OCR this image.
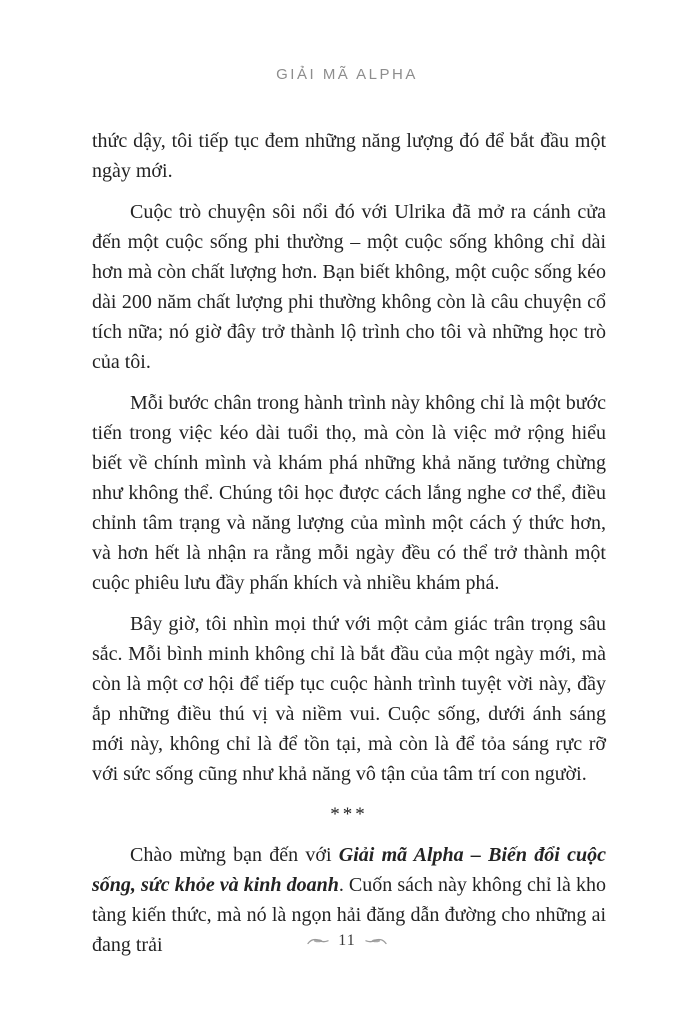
GIẢI MÃ ALPHA

thức dậy, tôi tiếp tục đem những năng lượng đó để bắt đầu một ngày mới.

Cuộc trò chuyện sôi nổi đó với Ulrika đã mở ra cánh cửa đến một cuộc sống phi thường – một cuộc sống không chỉ dài hơn mà còn chất lượng hơn. Bạn biết không, một cuộc sống kéo dài 200 năm chất lượng phi thường không còn là câu chuyện cổ tích nữa; nó giờ đây trở thành lộ trình cho tôi và những học trò của tôi.

Mỗi bước chân trong hành trình này không chỉ là một bước tiến trong việc kéo dài tuổi thọ, mà còn là việc mở rộng hiểu biết về chính mình và khám phá những khả năng tưởng chừng như không thể. Chúng tôi học được cách lắng nghe cơ thể, điều chỉnh tâm trạng và năng lượng của mình một cách ý thức hơn, và hơn hết là nhận ra rằng mỗi ngày đều có thể trở thành một cuộc phiêu lưu đầy phấn khích và nhiều khám phá.

Bây giờ, tôi nhìn mọi thứ với một cảm giác trân trọng sâu sắc. Mỗi bình minh không chỉ là bắt đầu của một ngày mới, mà còn là một cơ hội để tiếp tục cuộc hành trình tuyệt vời này, đầy ắp những điều thú vị và niềm vui. Cuộc sống, dưới ánh sáng mới này, không chỉ là để tồn tại, mà còn là để tỏa sáng rực rỡ với sức sống cũng như khả năng vô tận của tâm trí con người.

***

Chào mừng bạn đến với Giải mã Alpha – Biến đổi cuộc sống, sức khỏe và kinh doanh. Cuốn sách này không chỉ là kho tàng kiến thức, mà nó là ngọn hải đăng dẫn đường cho những ai đang trải	11
